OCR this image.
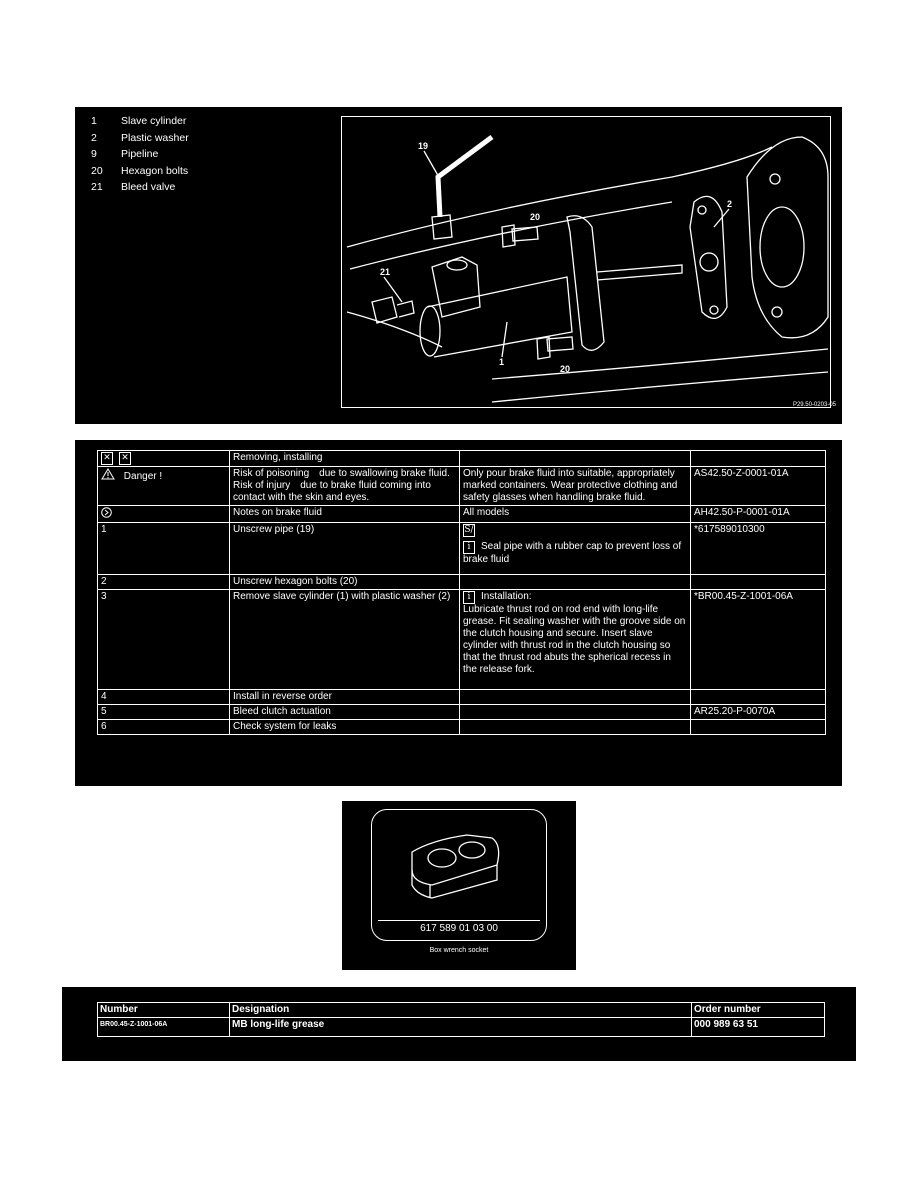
1	Slave cylinder
2	Plastic washer
9	Pipeline
20	Hexagon bolts
21	Bleed valve
19
20
21
2
1
20
P29.50-0203-05
✕ ✕	Removing, installing		
Danger !	Risk of poisoning due to swallowing brake fluid. Risk of injury due to brake fluid coming into contact with the skin and eyes.	Only pour brake fluid into suitable, appropriately marked containers. Wear protective clothing and safety glasses when handling brake fluid.	AS42.50-Z-0001-01A
	Notes on brake fluid	All models	AH42.50-P-0001-01A
1	Unscrew pipe (19)	S/
i Seal pipe with a rubber cap to prevent loss of brake fluid	*617589010300
2	Unscrew hexagon bolts (20)		
3	Remove slave cylinder (1) with plastic washer (2)	i Installation:
Lubricate thrust rod on rod end with long-life grease. Fit sealing washer with the groove side on the clutch housing and secure. Insert slave cylinder with thrust rod in the clutch housing so that the thrust rod abuts the spherical recess in the release fork.	*BR00.45-Z-1001-06A
4	Install in reverse order		
5	Bleed clutch actuation		AR25.20-P-0070A
6	Check system for leaks		
617 589 01 03 00
Box wrench socket
Number	Designation	Order number
BR00.45-Z-1001-06A	MB long-life grease	000 989 63 51
